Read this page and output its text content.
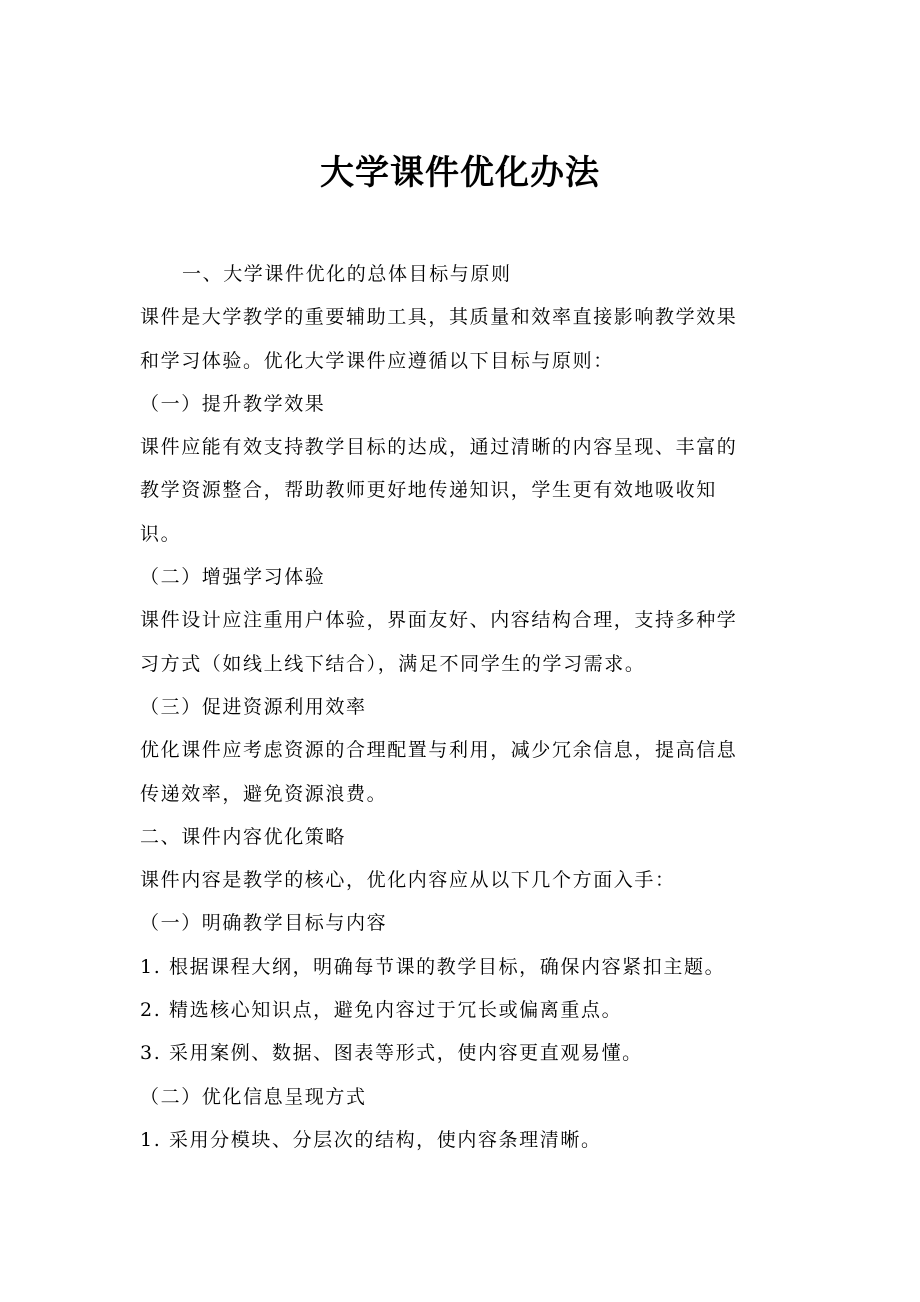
大学课件优化办法
一、大学课件优化的总体目标与原则
课件是大学教学的重要辅助工具，其质量和效率直接影响教学效果
和学习体验。优化大学课件应遵循以下目标与原则：
（一）提升教学效果
课件应能有效支持教学目标的达成，通过清晰的内容呈现、丰富的
教学资源整合，帮助教师更好地传递知识，学生更有效地吸收知
识。
（二）增强学习体验
课件设计应注重用户体验，界面友好、内容结构合理，支持多种学
习方式（如线上线下结合），满足不同学生的学习需求。
（三）促进资源利用效率
优化课件应考虑资源的合理配置与利用，减少冗余信息，提高信息
传递效率，避免资源浪费。
二、课件内容优化策略
课件内容是教学的核心，优化内容应从以下几个方面入手：
（一）明确教学目标与内容
1. 根据课程大纲，明确每节课的教学目标，确保内容紧扣主题。
2. 精选核心知识点，避免内容过于冗长或偏离重点。
3. 采用案例、数据、图表等形式，使内容更直观易懂。
（二）优化信息呈现方式
1. 采用分模块、分层次的结构，使内容条理清晰。
